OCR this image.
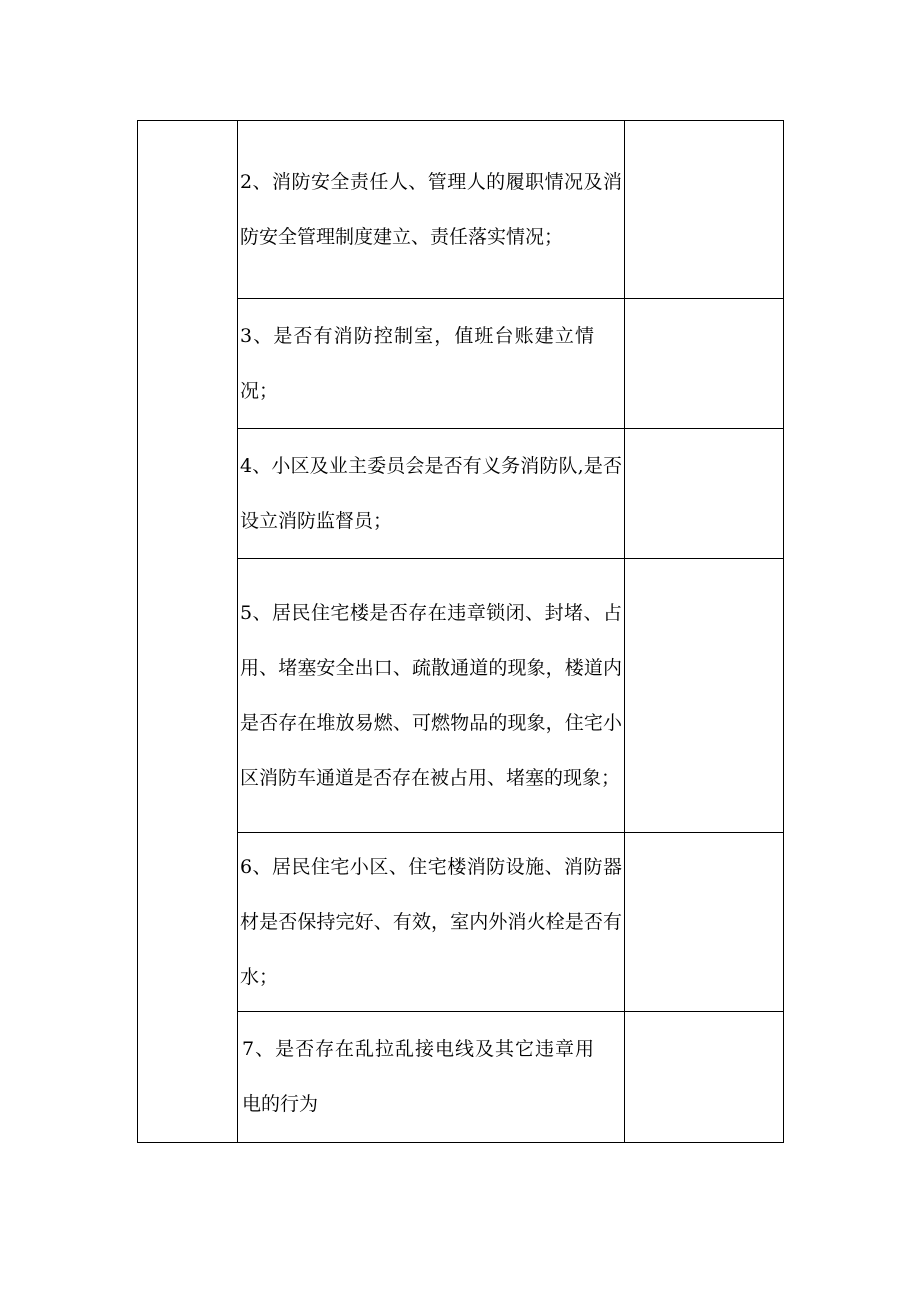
	2、消防安全责任人、管理人的履职情况及消防安全管理制度建立、责任落实情况；	

	3、是否有消防控制室，值班台账建立情况；	

	4、小区及业主委员会是否有义务消防队,是否设立消防监督员；	

	5、居民住宅楼是否存在违章锁闭、封堵、占用、堵塞安全出口、疏散通道的现象，楼道内是否存在堆放易燃、可燃物品的现象，住宅小区消防车通道是否存在被占用、堵塞的现象；	

	6、居民住宅小区、住宅楼消防设施、消防器材是否保持完好、有效，室内外消火栓是否有水；	

	7、是否存在乱拉乱接电线及其它违章用电的行为	
